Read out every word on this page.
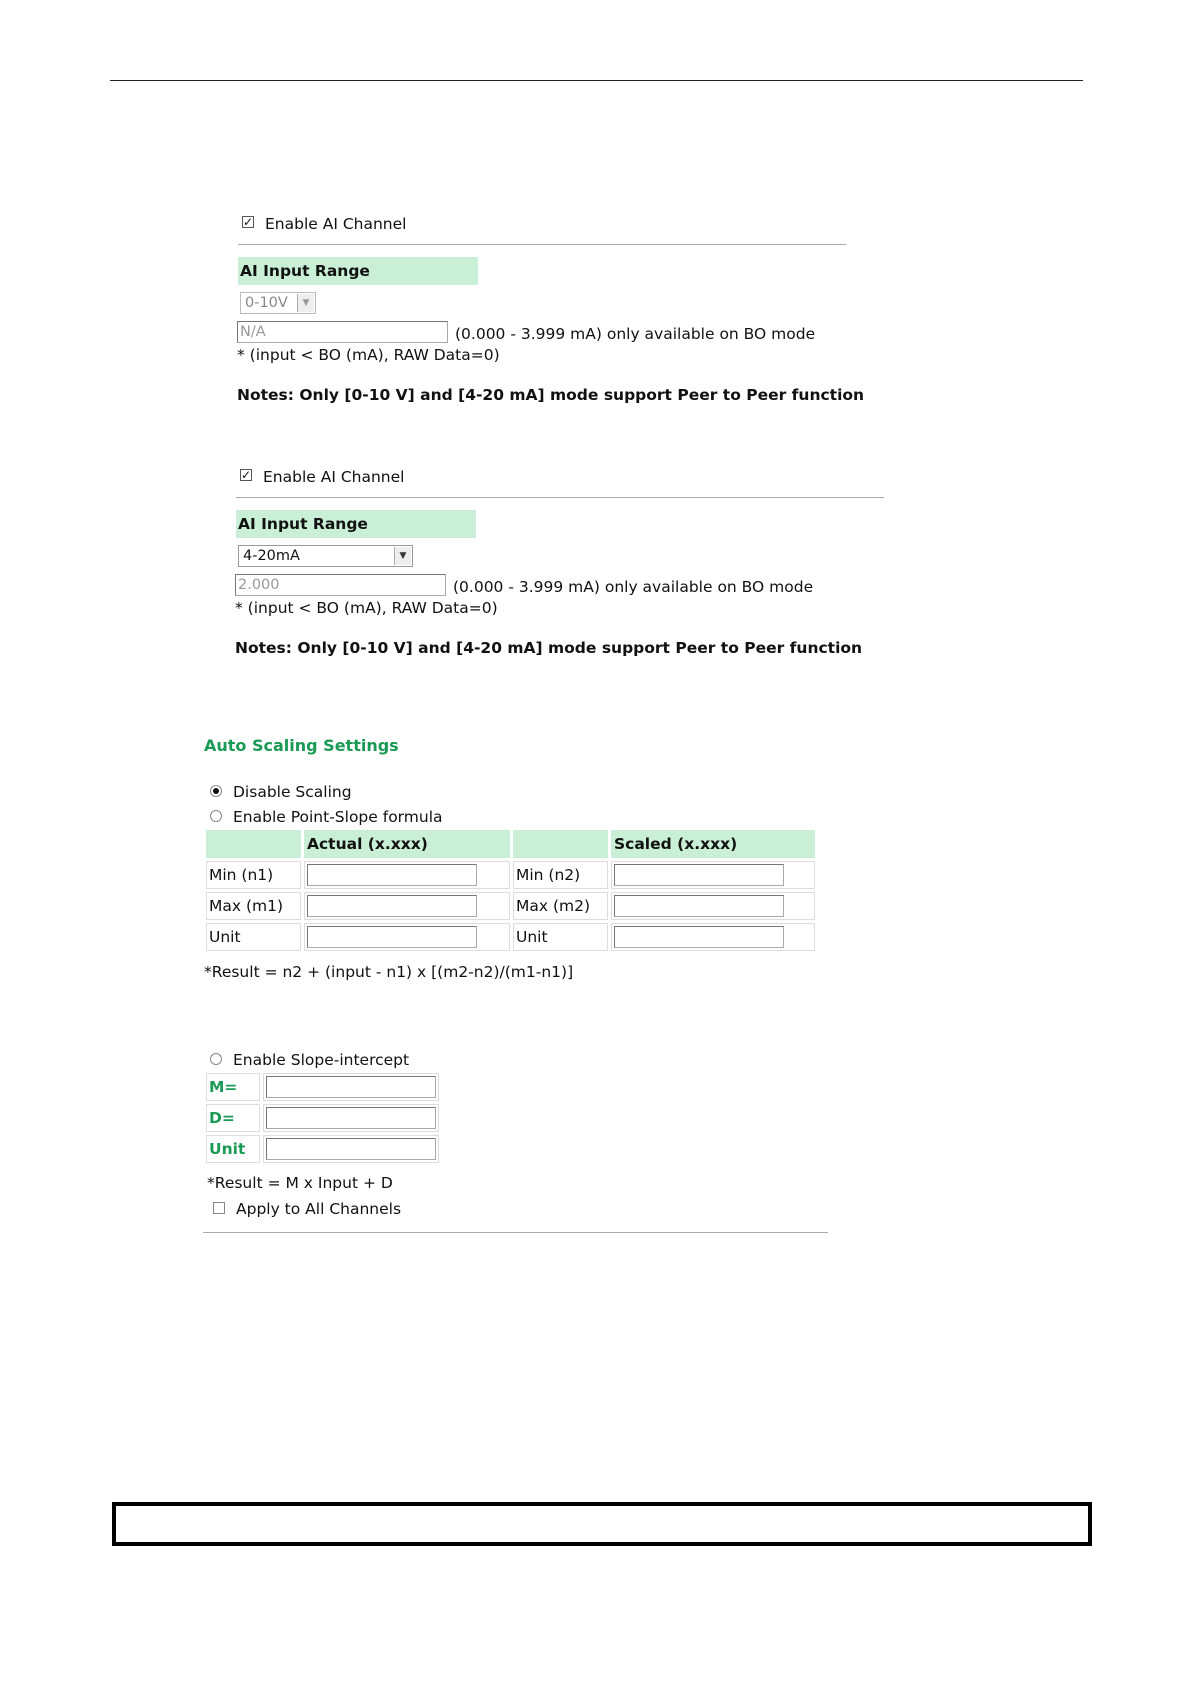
✓ Enable AI Channel
AI Input Range
0-10V	▼
N/A	(0.000 - 3.999 mA) only available on BO mode
* (input < BO (mA), RAW Data=0)
Notes: Only [0-10 V] and [4-20 mA] mode support Peer to Peer function
✓ Enable AI Channel
AI Input Range
4-20mA	▼
2.000	(0.000 - 3.999 mA) only available on BO mode
* (input < BO (mA), RAW Data=0)
Notes: Only [0-10 V] and [4-20 mA] mode support Peer to Peer function
Auto Scaling Settings
Disable Scaling
Enable Point-Slope formula
	Actual (x.xxx)		Scaled (x.xxx)
Min (n1)		Min (n2)	
Max (m1)		Max (m2)	
Unit		Unit	
*Result = n2 + (input - n1) x [(m2-n2)/(m1-n1)]
Enable Slope-intercept
M=	
D=	
Unit	
*Result = M x Input + D
Apply to All Channels
